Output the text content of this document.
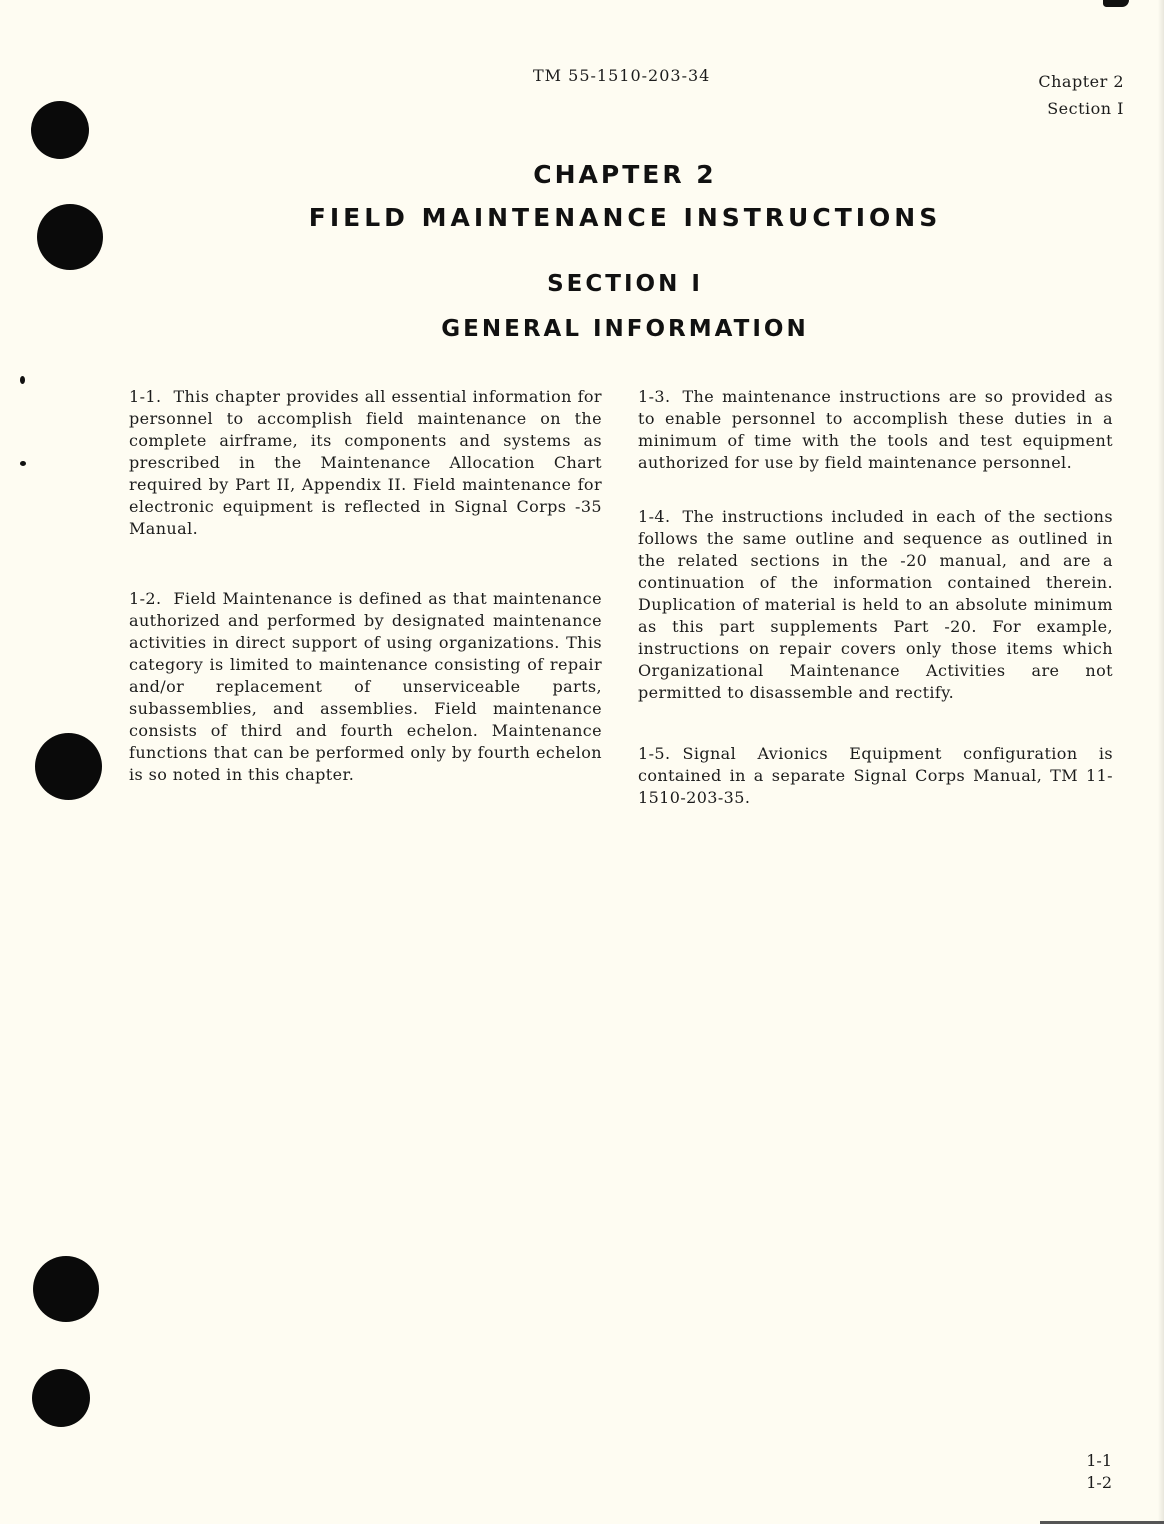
TM 55-1510-203-34	Chapter 2
Section I
CHAPTER 2
FIELD MAINTENANCE INSTRUCTIONS
SECTION I
GENERAL INFORMATION

1-1. This chapter provides all essential information for personnel to accomplish field maintenance on the complete airframe, its components and systems as prescribed in the Maintenance Allocation Chart required by Part II, Appendix II. Field maintenance for electronic equipment is reflected in Signal Corps -35 Manual.

1-2. Field Maintenance is defined as that maintenance authorized and performed by designated maintenance activities in direct support of using organizations. This category is limited to maintenance consisting of repair and/or replacement of unserviceable parts, subassemblies, and assemblies. Field maintenance consists of third and fourth echelon. Maintenance functions that can be performed only by fourth echelon is so noted in this chapter.

1-3. The maintenance instructions are so provided as to enable personnel to accomplish these duties in a minimum of time with the tools and test equipment authorized for use by field maintenance personnel.

1-4. The instructions included in each of the sections follows the same outline and sequence as outlined in the related sections in the -20 manual, and are a continuation of the information contained therein. Duplication of material is held to an absolute minimum as this part supplements Part -20. For example, instructions on repair covers only those items which Organizational Maintenance Activities are not permitted to disassemble and rectify.

1-5. Signal Avionics Equipment configuration is contained in a separate Signal Corps Manual, TM 11-1510-203-35.

1-1
1-2
